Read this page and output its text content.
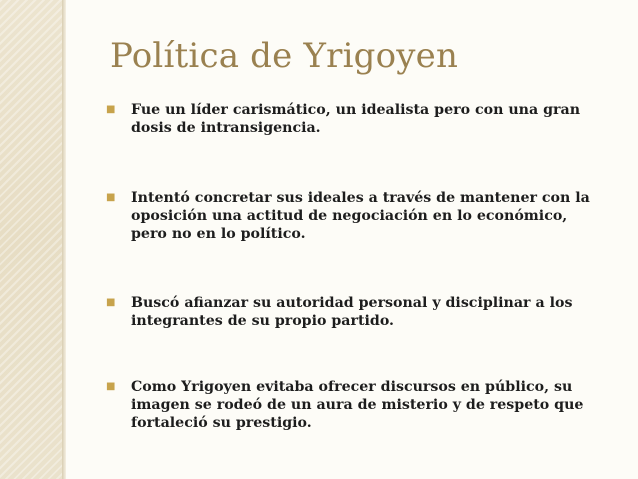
Política de Yrigoyen
■	Fue un líder carismático, un idealista pero con una gran dosis de intransigencia.
■	Intentó concretar sus ideales a través de mantener con la oposición una actitud de negociación en lo económico, pero no en lo político.
■	Buscó afianzar su autoridad personal y disciplinar a los integrantes de su propio partido.
■	Como Yrigoyen evitaba ofrecer discursos en público, su imagen se rodeó de un aura de misterio y de respeto que fortaleció su prestigio.
